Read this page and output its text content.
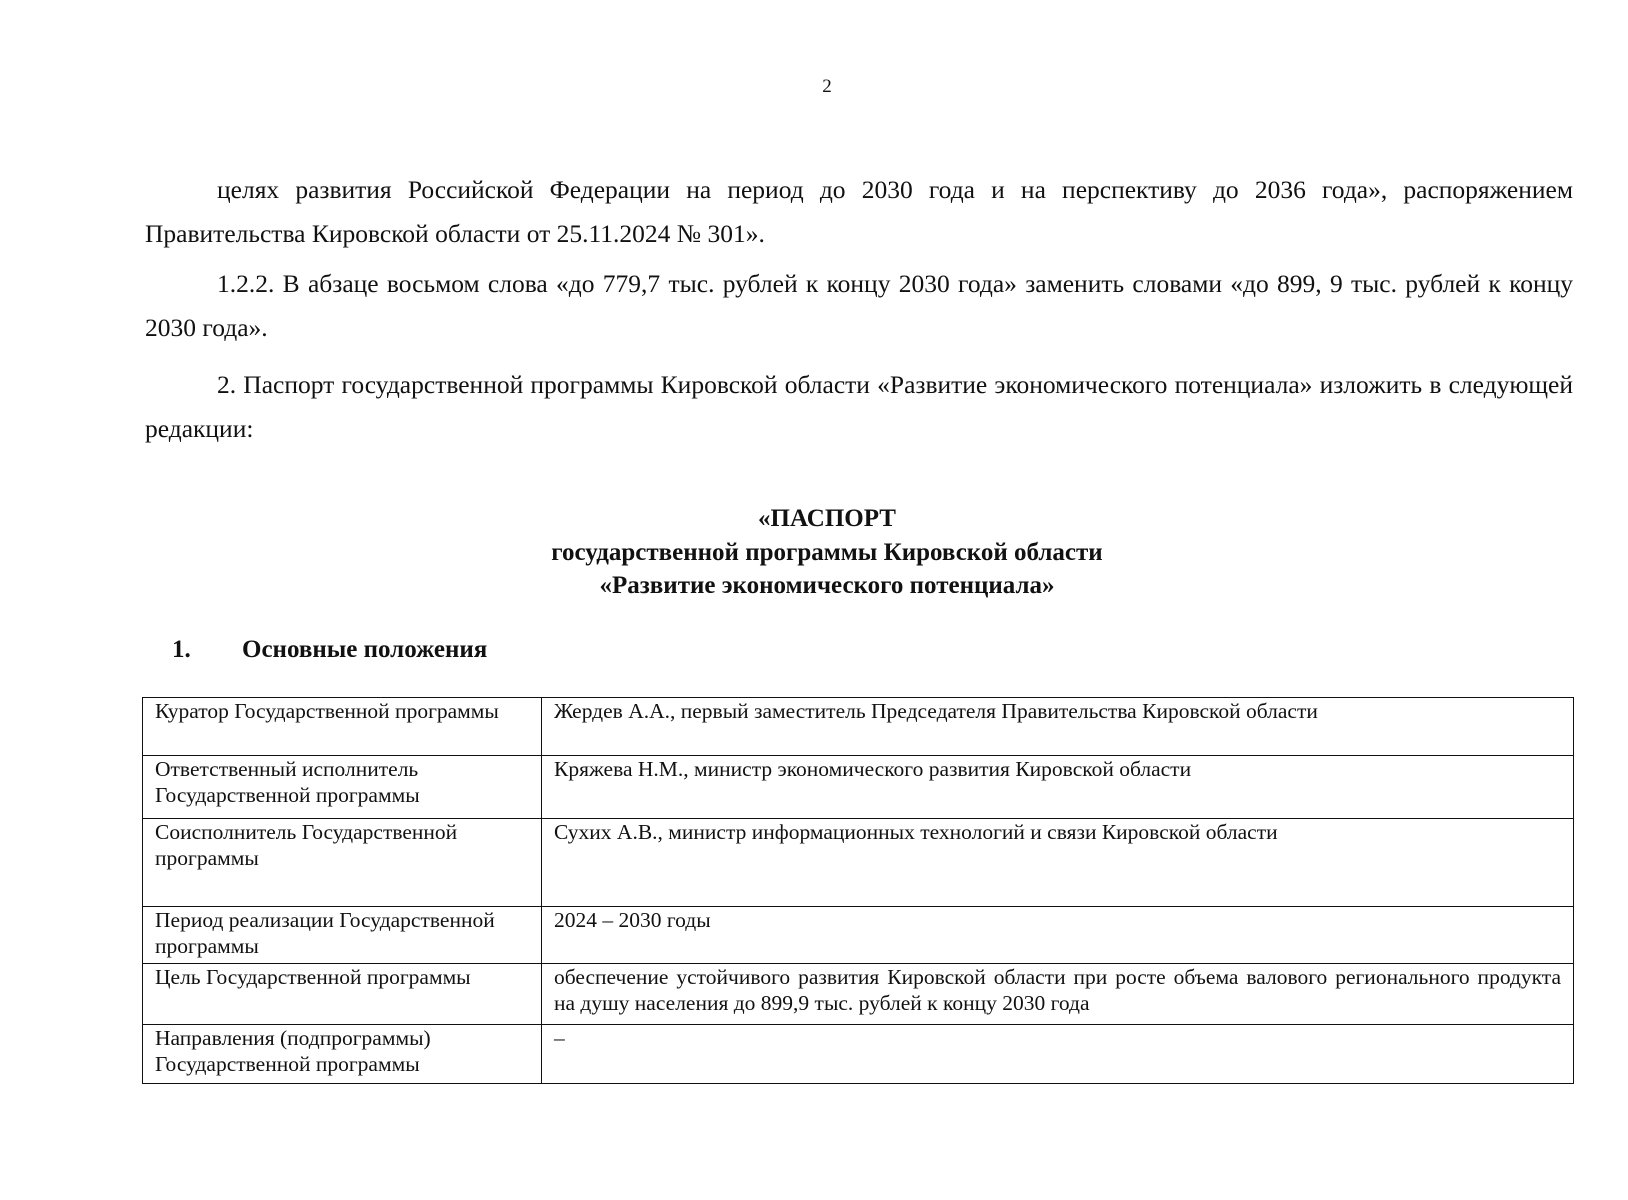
2

целях развития Российской Федерации на период до 2030 года и на перспективу до 2036 года», распоряжением Правительства Кировской области от 25.11.2024 № 301».

1.2.2. В абзаце восьмом слова «до 779,7 тыс. рублей к концу 2030 года» заменить словами «до 899, 9 тыс. рублей к концу 2030 года».

2. Паспорт государственной программы Кировской области «Развитие экономического потенциала» изложить в следующей редакции:

«ПАСПОРТ
государственной программы Кировской области
«Развитие экономического потенциала»
1. Основные положения
Куратор Государственной программы	Жердев А.А., первый заместитель Председателя Правительства Кировской области
Ответственный исполнитель Государственной программы	Кряжева Н.М., министр экономического развития Кировской области
Соисполнитель Государственной программы	Сухих А.В., министр информационных технологий и связи Кировской области
Период реализации Государственной программы	2024 – 2030 годы
Цель Государственной программы	обеспечение устойчивого развития Кировской области при росте объема валового регионального продукта на душу населения до 899,9 тыс. рублей к концу 2030 года
Направления (подпрограммы) Государственной программы	–
